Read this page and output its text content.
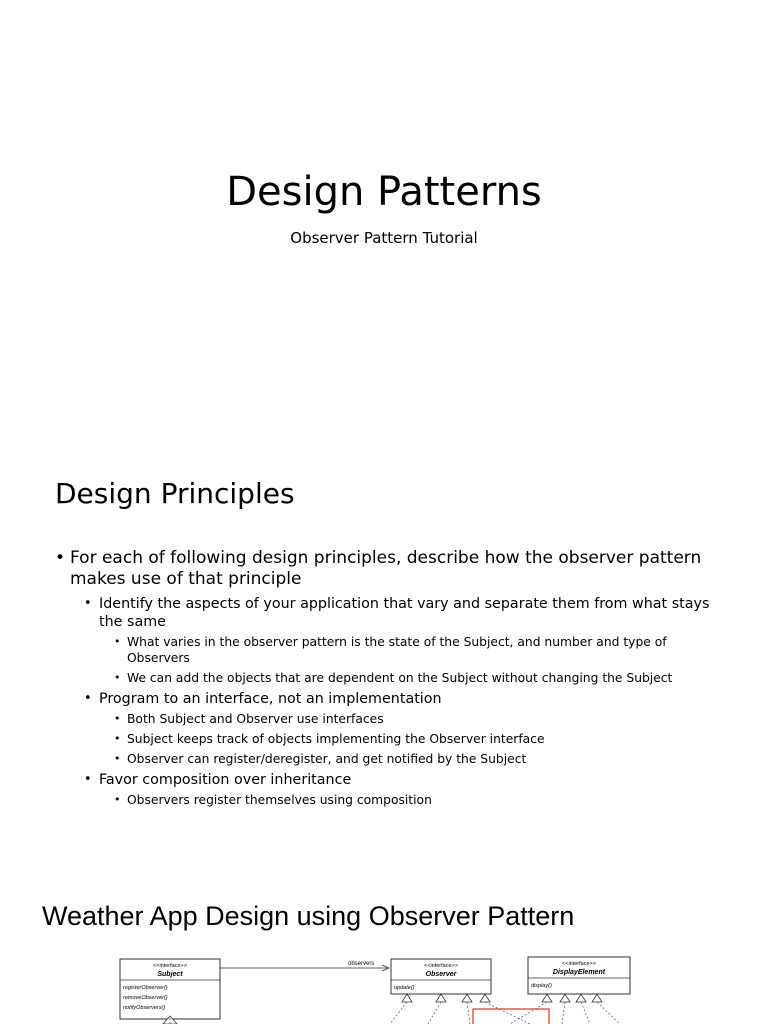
Design Patterns
Observer Pattern Tutorial
Design Principles
• For each of following design principles, describe how the observer pattern makes use of that principle
• Identify the aspects of your application that vary and separate them from what stays the same
• What varies in the observer pattern is the state of the Subject, and number and type of Observers
• We can add the objects that are dependent on the Subject without changing the Subject
• Program to an interface, not an implementation
• Both Subject and Observer use interfaces
• Subject keeps track of objects implementing the Observer interface
• Observer can register/deregister, and get notified by the Subject
• Favor composition over inheritance
• Observers register themselves using composition
Weather App Design using Observer Pattern
<<interface>>
Subject
registerObserver()
removeObserver()
notifyObservers()
observers	<<interface>>
Observer
update()
<<interface>>
DisplayElement
display()
